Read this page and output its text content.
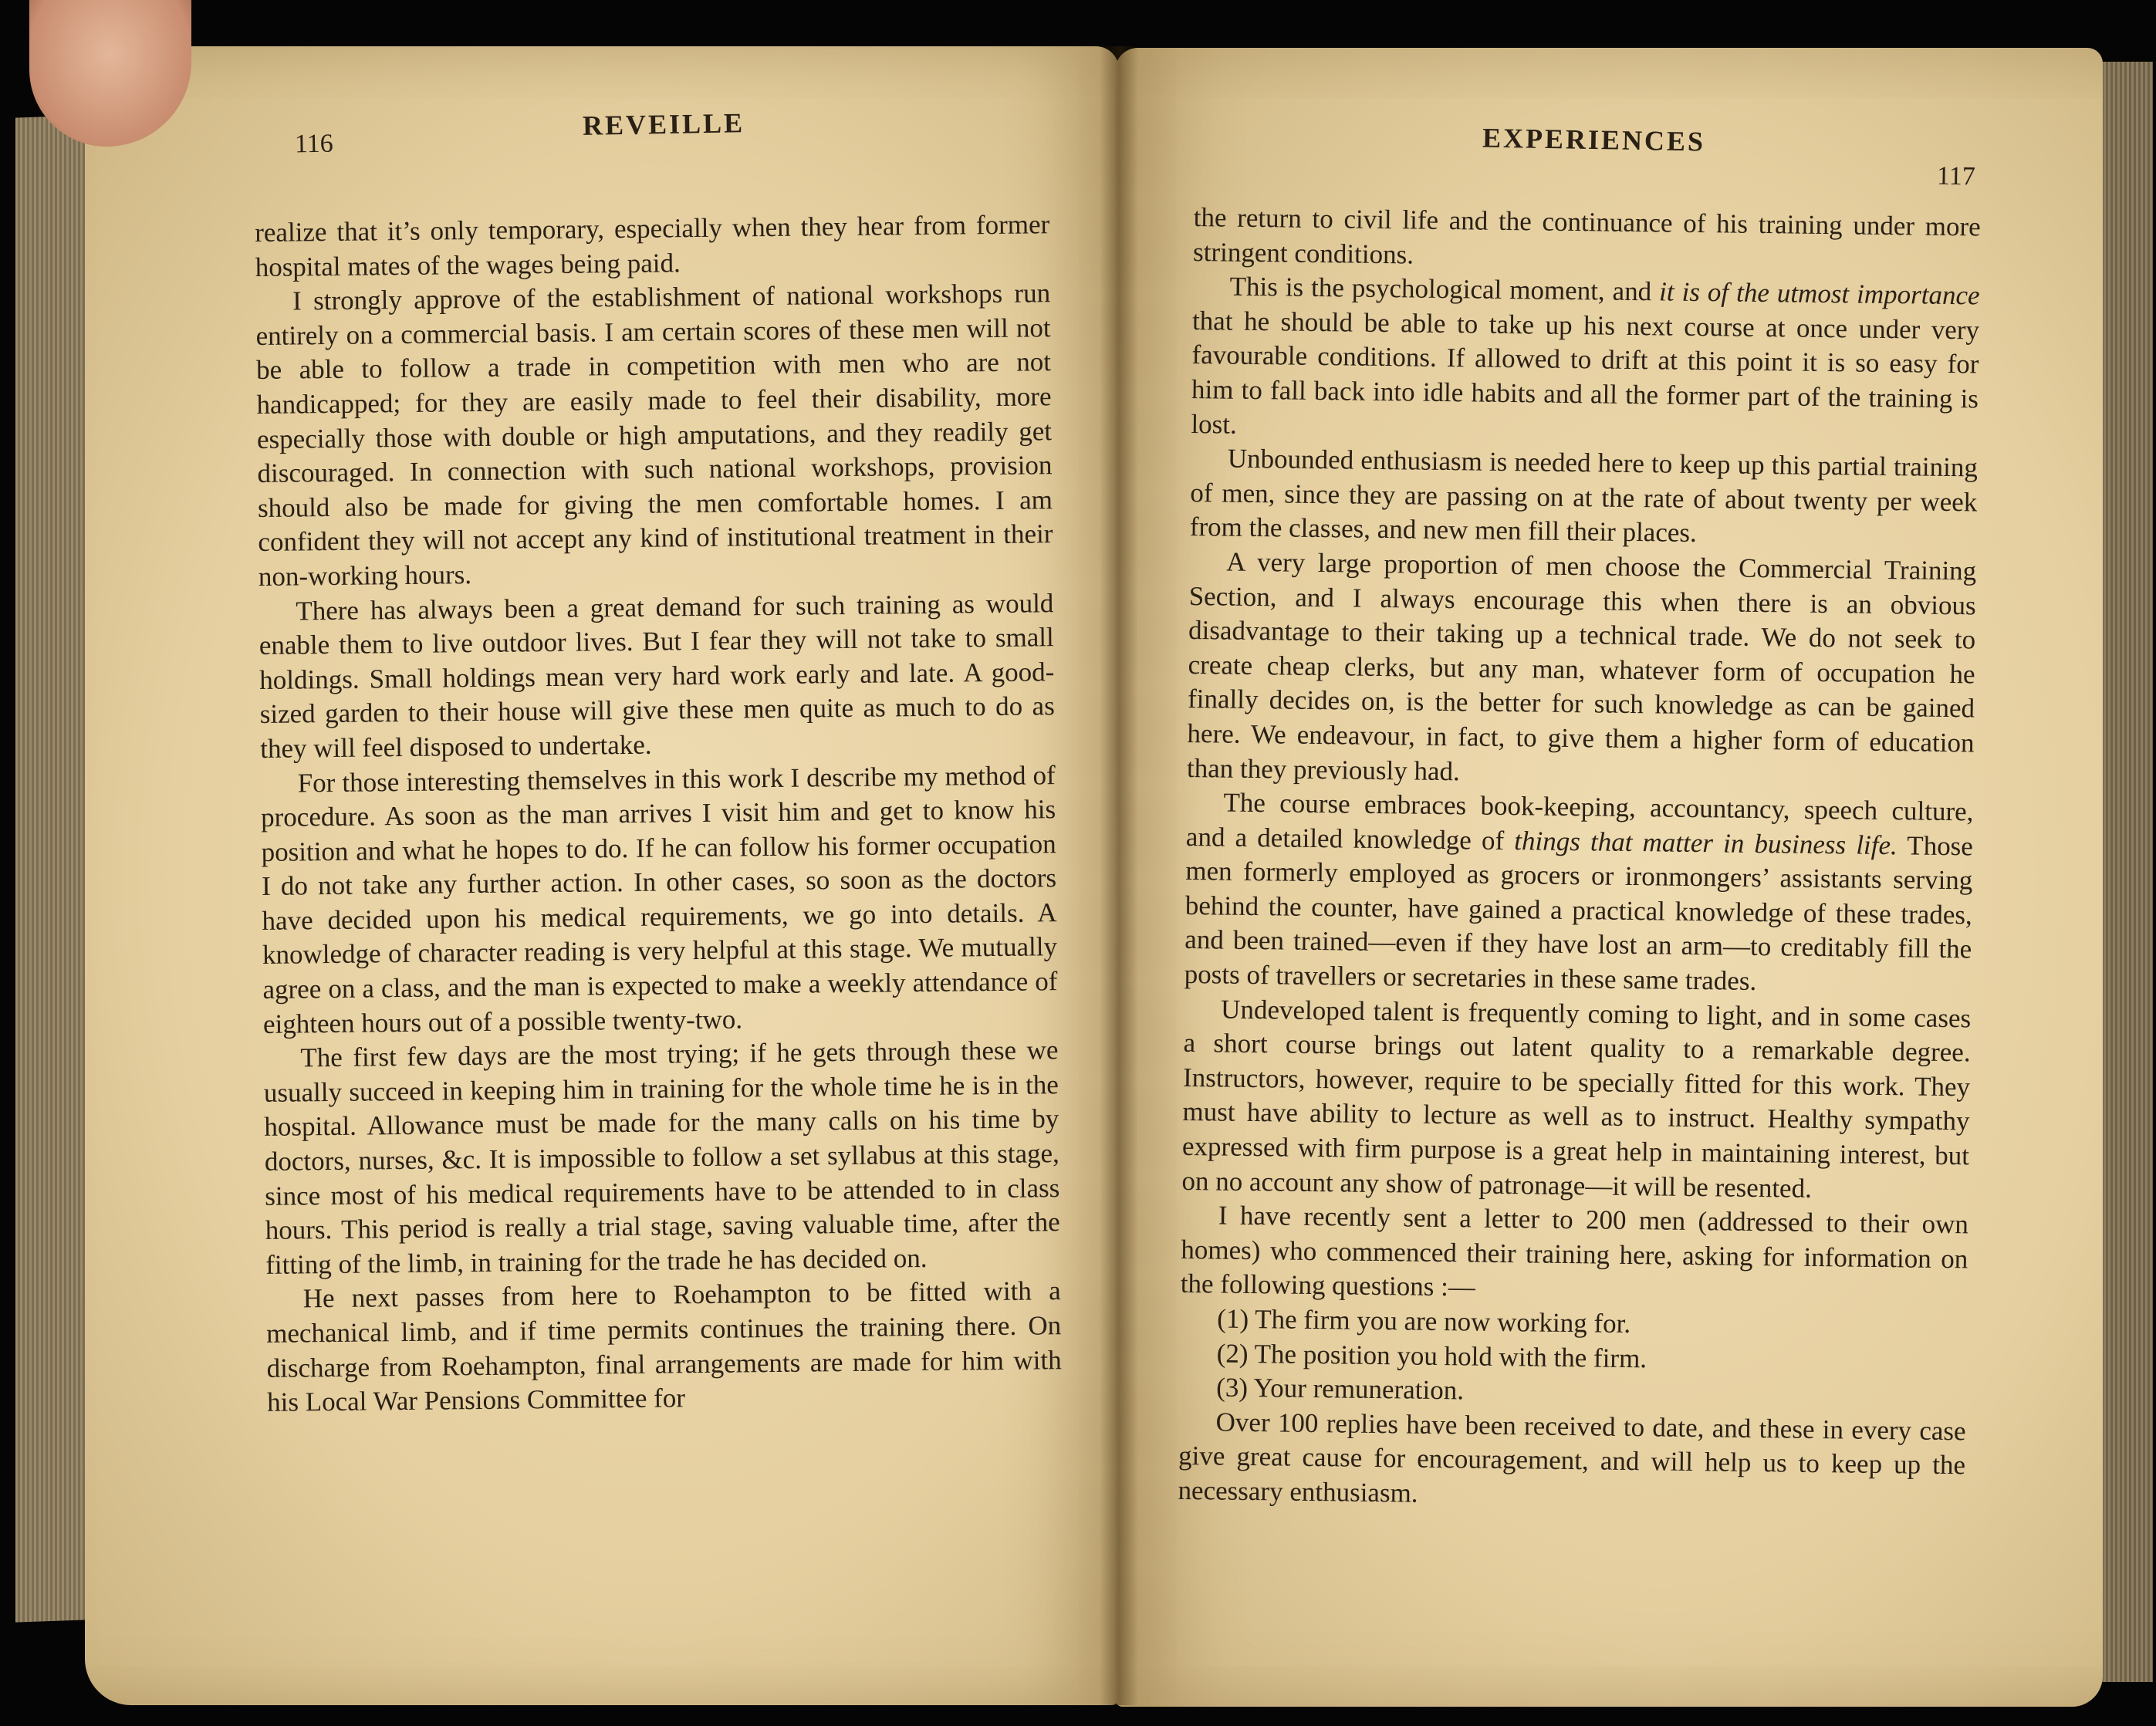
116
REVEILLE

realize that it’s only temporary, especially when they hear from former hospital mates of the wages being paid.

I strongly approve of the establishment of national workshops run entirely on a commercial basis. I am certain scores of these men will not be able to follow a trade in competition with men who are not handicapped; for they are easily made to feel their disability, more especially those with double or high amputations, and they readily get discouraged. In connection with such national workshops, provision should also be made for giving the men comfortable homes. I am confident they will not accept any kind of institutional treatment in their non-working hours.

There has always been a great demand for such training as would enable them to live outdoor lives. But I fear they will not take to small holdings. Small holdings mean very hard work early and late. A good-sized garden to their house will give these men quite as much to do as they will feel disposed to undertake.

For those interesting themselves in this work I describe my method of procedure. As soon as the man arrives I visit him and get to know his position and what he hopes to do. If he can follow his former occupation I do not take any further action. In other cases, so soon as the doctors have decided upon his medical requirements, we go into details. A knowledge of character reading is very helpful at this stage. We mutually agree on a class, and the man is expected to make a weekly attendance of eighteen hours out of a possible twenty-two.

The first few days are the most trying; if he gets through these we usually succeed in keeping him in training for the whole time he is in the hospital. Allowance must be made for the many calls on his time by doctors, nurses, &c. It is impossible to follow a set syllabus at this stage, since most of his medical requirements have to be attended to in class hours. This period is really a trial stage, saving valuable time, after the fitting of the limb, in training for the trade he has decided on.

He next passes from here to Roehampton to be fitted with a mechanical limb, and if time permits continues the training there. On discharge from Roehampton, final arrangements are made for him with his Local War Pensions Committee for

EXPERIENCES
117

the return to civil life and the continuance of his training under more stringent conditions.

This is the psychological moment, and it is of the utmost importance that he should be able to take up his next course at once under very favourable conditions. If allowed to drift at this point it is so easy for him to fall back into idle habits and all the former part of the training is lost.

Unbounded enthusiasm is needed here to keep up this partial training of men, since they are passing on at the rate of about twenty per week from the classes, and new men fill their places.

A very large proportion of men choose the Commercial Training Section, and I always encourage this when there is an obvious disadvantage to their taking up a technical trade. We do not seek to create cheap clerks, but any man, whatever form of occupation he finally decides on, is the better for such knowledge as can be gained here. We endeavour, in fact, to give them a higher form of education than they previously had.

The course embraces book-keeping, accountancy, speech culture, and a detailed knowledge of things that matter in business life. Those men formerly employed as grocers or ironmongers’ assistants serving behind the counter, have gained a practical knowledge of these trades, and been trained—even if they have lost an arm—to creditably fill the posts of travellers or secretaries in these same trades.

Undeveloped talent is frequently coming to light, and in some cases a short course brings out latent quality to a remarkable degree. Instructors, however, require to be specially fitted for this work. They must have ability to lecture as well as to instruct. Healthy sympathy expressed with firm purpose is a great help in maintaining interest, but on no account any show of patronage—it will be resented.

I have recently sent a letter to 200 men (addressed to their own homes) who commenced their training here, asking for information on the following questions :—

(1) The firm you are now working for.

(2) The position you hold with the firm.

(3) Your remuneration.

Over 100 replies have been received to date, and these in every case give great cause for encouragement, and will help us to keep up the necessary enthusiasm.
